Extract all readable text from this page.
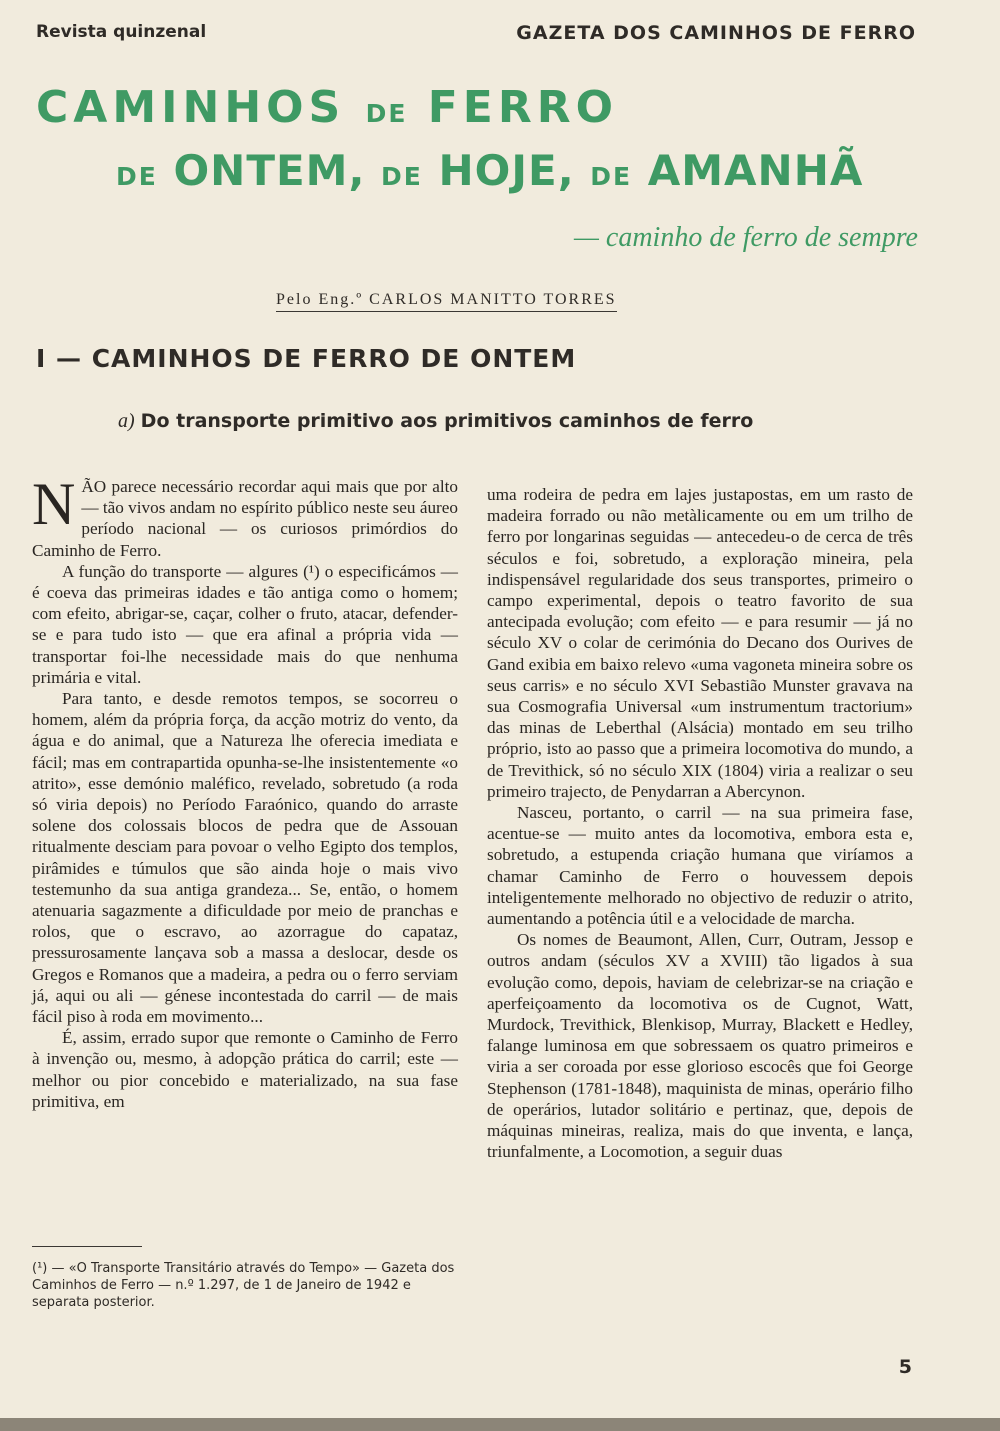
Revista quinzenal	GAZETA DOS CAMINHOS DE FERRO
CAMINHOS DE FERRO
DE ONTEM, DE HOJE, DE AMANHÃ
— caminho de ferro de sempre
Pelo Eng.º CARLOS MANITTO TORRES
I — CAMINHOS DE FERRO DE ONTEM
a) Do transporte primitivo aos primitivos caminhos de ferro

NÃO parece necessário recordar aqui mais que por alto — tão vivos andam no espírito público neste seu áureo período nacional — os curiosos primórdios do Caminho de Ferro.

A função do transporte — algures (¹) o especificámos — é coeva das primeiras idades e tão antiga como o homem; com efeito, abrigar-se, caçar, colher o fruto, atacar, defender-se e para tudo isto — que era afinal a própria vida — transportar foi-lhe necessidade mais do que nenhuma primária e vital.

Para tanto, e desde remotos tempos, se socorreu o homem, além da própria força, da acção motriz do vento, da água e do animal, que a Natureza lhe oferecia imediata e fácil; mas em contrapartida opunha-se-lhe insistentemente «o atrito», esse demónio maléfico, revelado, sobretudo (a roda só viria depois) no Período Faraónico, quando do arraste solene dos colossais blocos de pedra que de Assouan ritualmente desciam para povoar o velho Egipto dos templos, pirâmides e túmulos que são ainda hoje o mais vivo testemunho da sua antiga grandeza... Se, então, o homem atenuaria sagazmente a dificuldade por meio de pranchas e rolos, que o escravo, ao azorrague do capataz, pressurosamente lançava sob a massa a deslocar, desde os Gregos e Romanos que a madeira, a pedra ou o ferro serviam já, aqui ou ali — génese incontestada do carril — de mais fácil piso à roda em movimento...

É, assim, errado supor que remonte o Caminho de Ferro à invenção ou, mesmo, à adopção prática do carril; este — melhor ou pior concebido e materializado, na sua fase primitiva, em

uma rodeira de pedra em lajes justapostas, em um rasto de madeira forrado ou não metàlicamente ou em um trilho de ferro por longarinas seguidas — antecedeu-o de cerca de três séculos e foi, sobretudo, a exploração mineira, pela indispensável regularidade dos seus transportes, primeiro o campo experimental, depois o teatro favorito de sua antecipada evolução; com efeito — e para resumir — já no século XV o colar de cerimónia do Decano dos Ourives de Gand exibia em baixo relevo «uma vagoneta mineira sobre os seus carris» e no século XVI Sebastião Munster gravava na sua Cosmografia Universal «um instrumentum tractorium» das minas de Leberthal (Alsácia) montado em seu trilho próprio, isto ao passo que a primeira locomotiva do mundo, a de Trevithick, só no século XIX (1804) viria a realizar o seu primeiro trajecto, de Penydarran a Abercynon.

Nasceu, portanto, o carril — na sua primeira fase, acentue-se — muito antes da locomotiva, embora esta e, sobretudo, a estupenda criação humana que viríamos a chamar Caminho de Ferro o houvessem depois inteligentemente melhorado no objectivo de reduzir o atrito, aumentando a potência útil e a velocidade de marcha.

Os nomes de Beaumont, Allen, Curr, Outram, Jessop e outros andam (séculos XV a XVIII) tão ligados à sua evolução como, depois, haviam de celebrizar-se na criação e aperfeiçoamento da locomotiva os de Cugnot, Watt, Murdock, Trevithick, Blenkisop, Murray, Blackett e Hedley, falange luminosa em que sobressaem os quatro primeiros e viria a ser coroada por esse glorioso escocês que foi George Stephenson (1781-1848), maquinista de minas, operário filho de operários, lutador solitário e pertinaz, que, depois de máquinas mineiras, realiza, mais do que inventa, e lança, triunfalmente, a Locomotion, a seguir duas

(¹) — «O Transporte Transitário através do Tempo» — Gazeta dos Caminhos de Ferro — n.º 1.297, de 1 de Janeiro de 1942 e separata posterior.
5
